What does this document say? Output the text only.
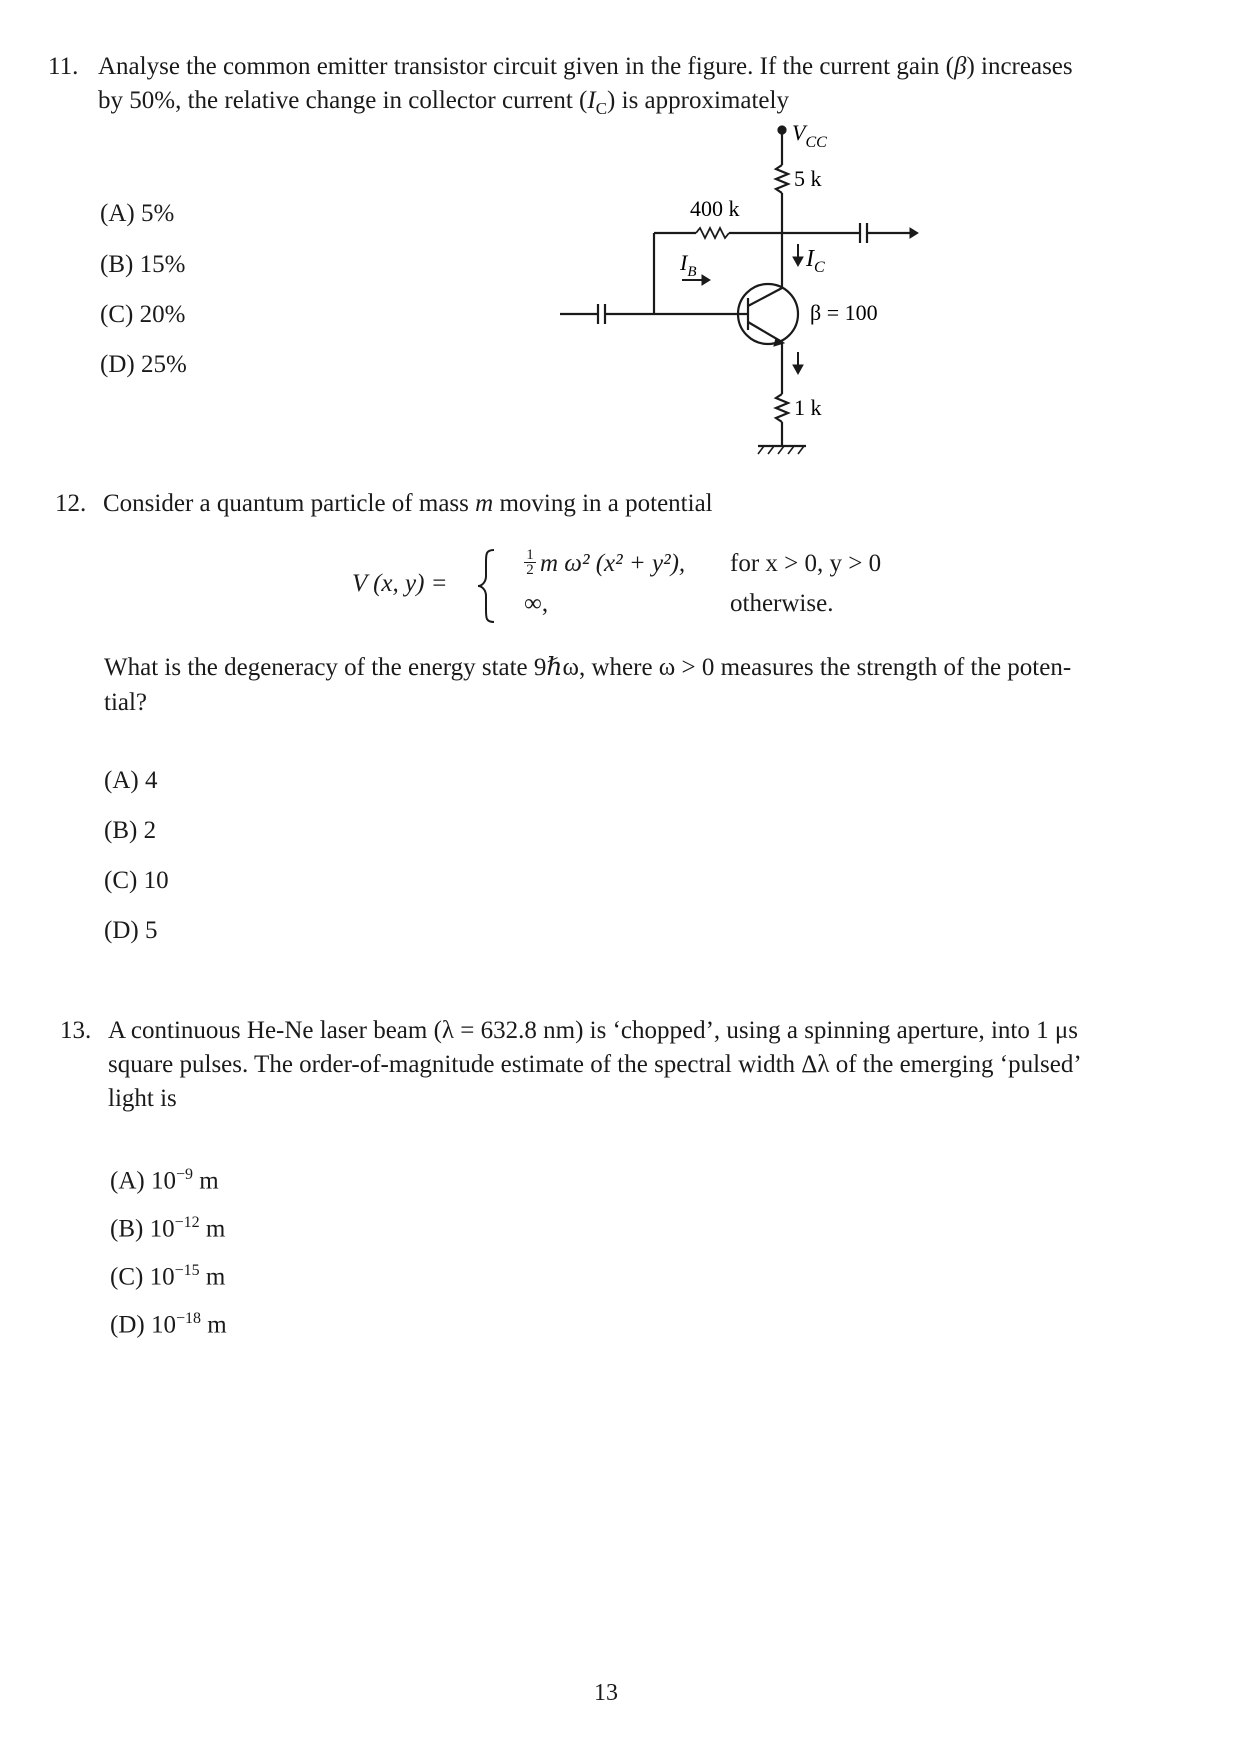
11. Analyse the common emitter transistor circuit given in the figure. If the current gain (β) increases
by 50%, the relative change in collector current $(I_C)$ is approximately
(A) 5%
(B) 15%
(C) 20%
(D) 25%
$V_{CC}$
5 k
400 k
$I_C$
$I_B$
β = 100
1 k
12. Consider a quantum particle of mass m moving in a potential
V (x, y) =
1
2 m ω² (x² + y²), for x > 0, y > 0
∞,	otherwise.
What is the degeneracy of the energy state 9ℏω, where ω > 0 measures the strength of the poten-
tial?
(A) 4
(B) 2
(C) 10
(D) 5
13. A continuous He-Ne laser beam (λ = 632.8 nm) is ‘chopped’, using a spinning aperture, into 1 μs
square pulses. The order-of-magnitude estimate of the spectral width Δλ of the emerging ‘pulsed’
light is
(A) $10^{-9}$ m
(B) $10^{-12}$ m
(C) $10^{-15}$ m
(D) $10^{-18}$ m
13
